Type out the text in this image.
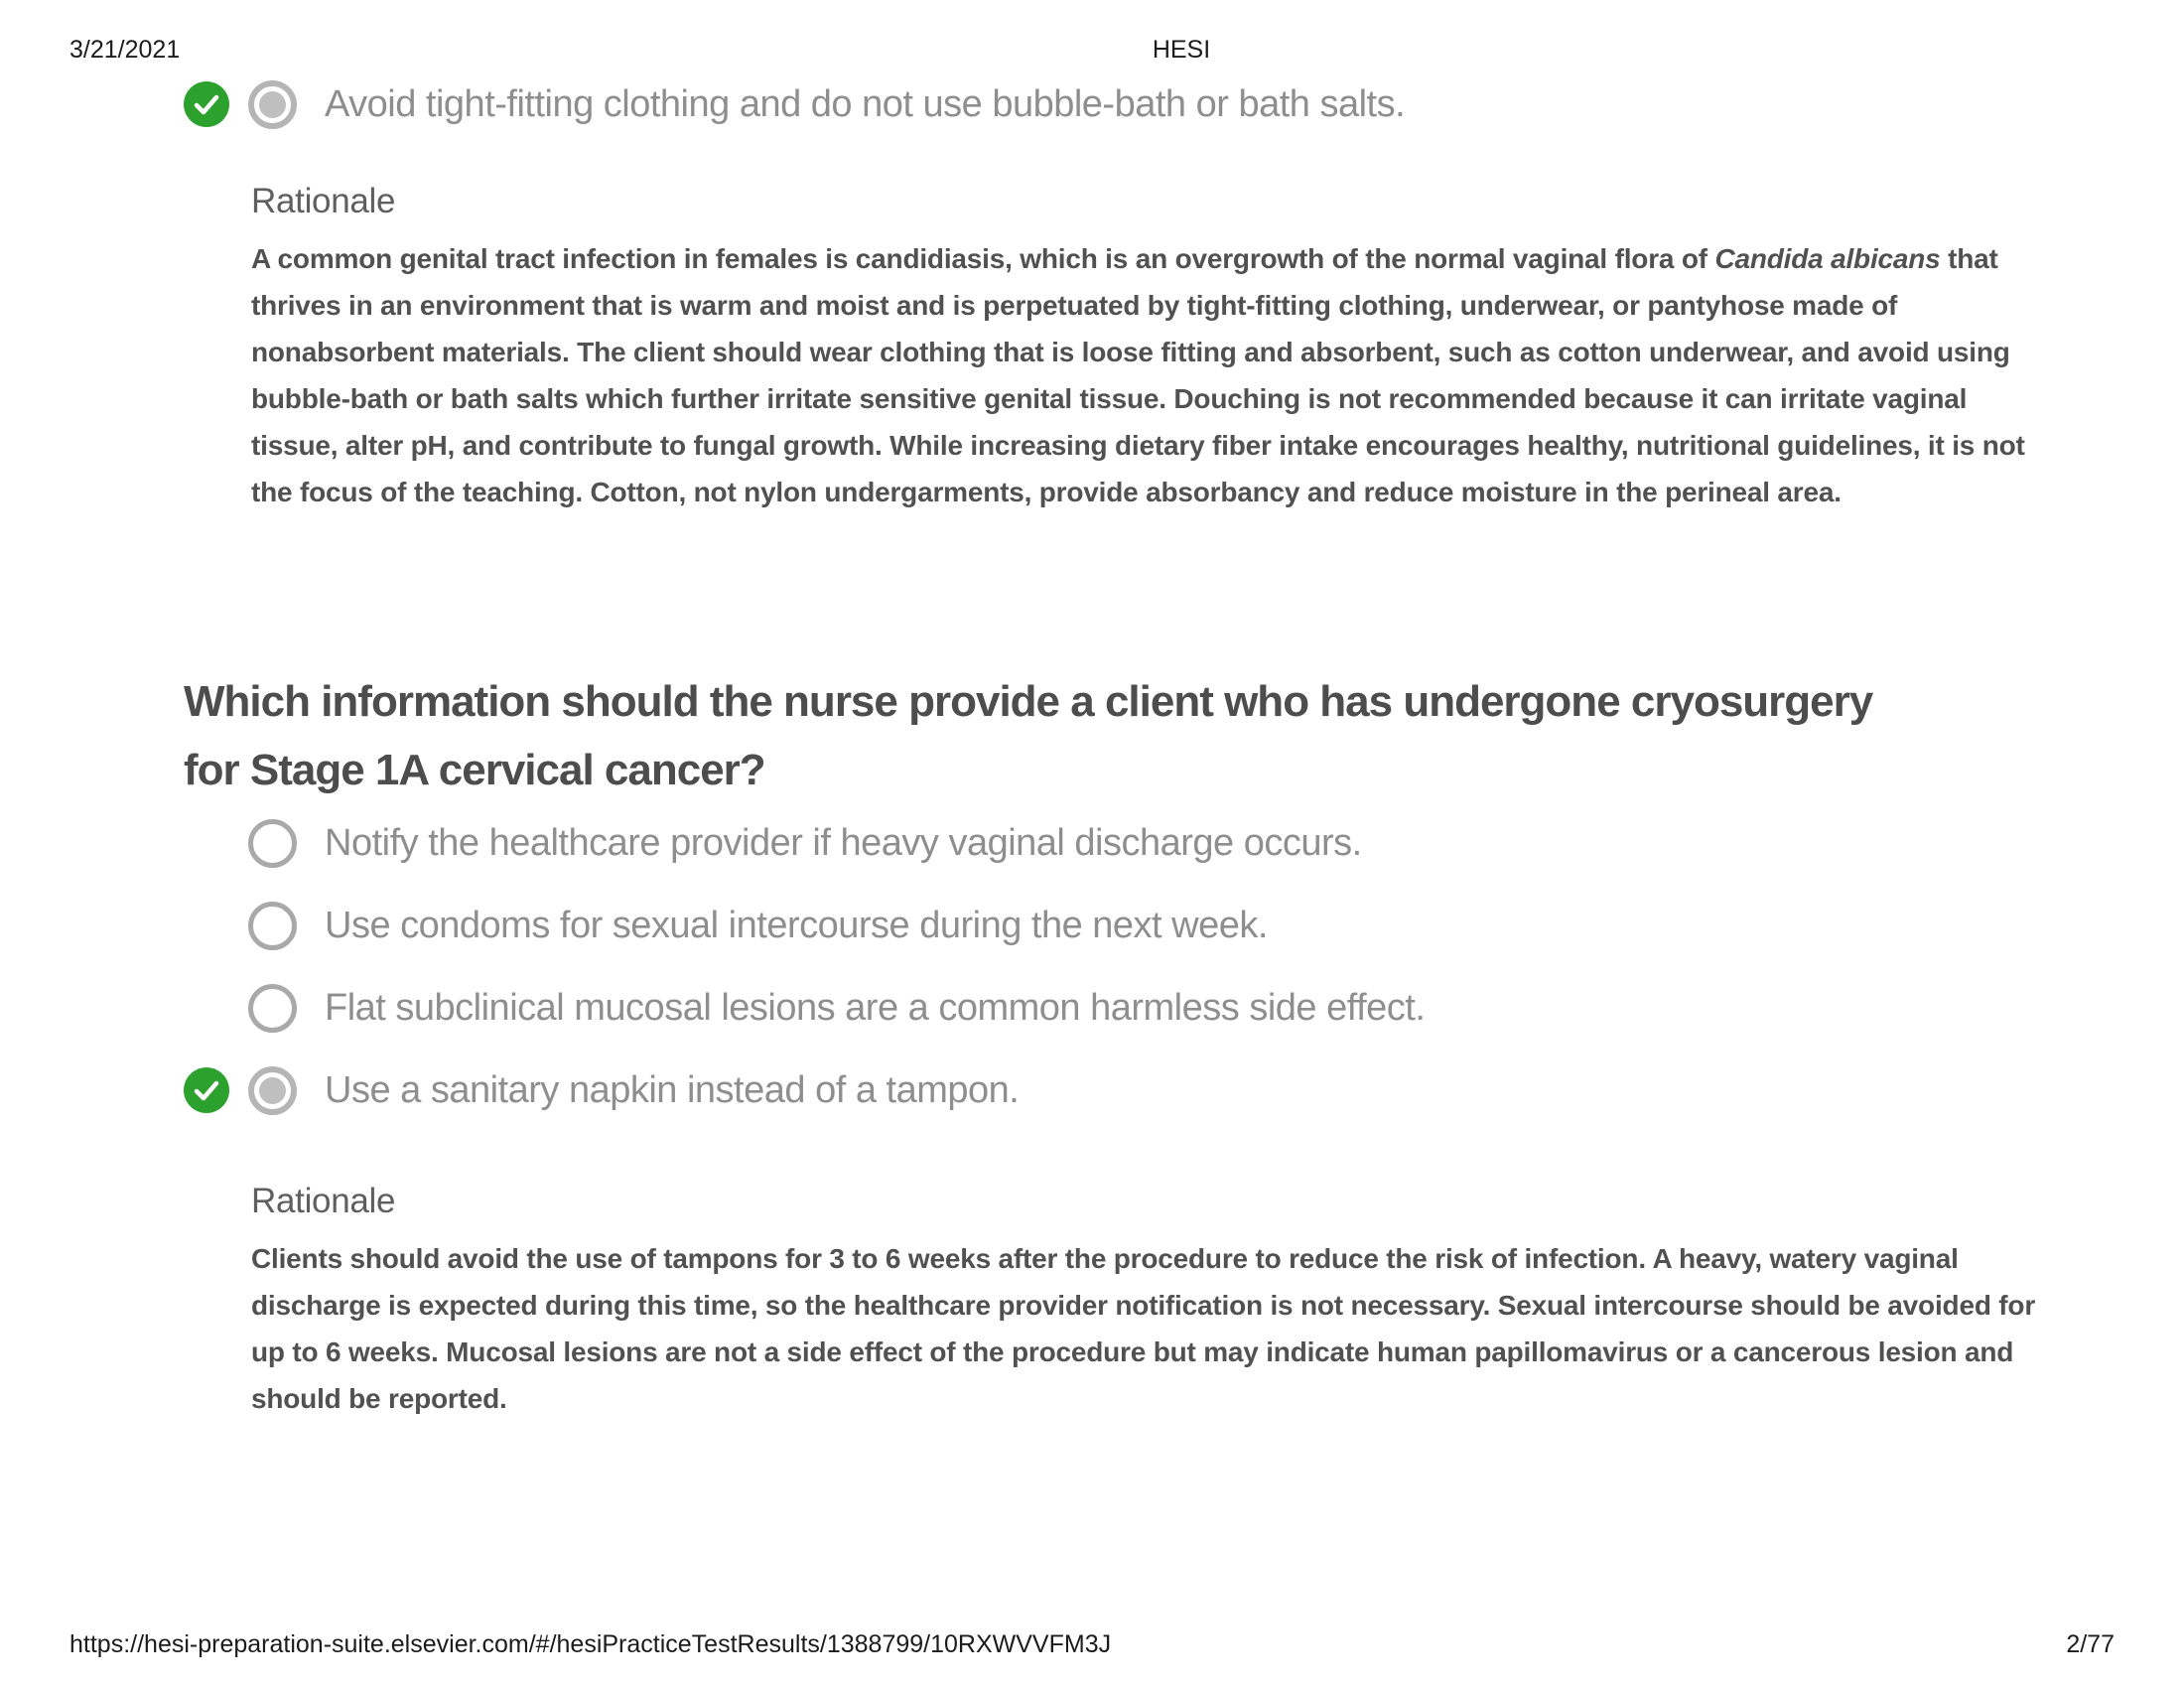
3/21/2021	HESI
Avoid tight-fitting clothing and do not use bubble-bath or bath salts.
Rationale
A common genital tract infection in females is candidiasis, which is an overgrowth of the normal vaginal flora of Candida albicans that thrives in an environment that is warm and moist and is perpetuated by tight-fitting clothing, underwear, or pantyhose made of nonabsorbent materials. The client should wear clothing that is loose fitting and absorbent, such as cotton underwear, and avoid using bubble-bath or bath salts which further irritate sensitive genital tissue. Douching is not recommended because it can irritate vaginal tissue, alter pH, and contribute to fungal growth. While increasing dietary fiber intake encourages healthy, nutritional guidelines, it is not the focus of the teaching. Cotton, not nylon undergarments, provide absorbancy and reduce moisture in the perineal area.
Which information should the nurse provide a client who has undergone cryosurgery
for Stage 1A cervical cancer?
Notify the healthcare provider if heavy vaginal discharge occurs.
Use condoms for sexual intercourse during the next week.
Flat subclinical mucosal lesions are a common harmless side effect.
Use a sanitary napkin instead of a tampon.
Rationale
Clients should avoid the use of tampons for 3 to 6 weeks after the procedure to reduce the risk of infection. A heavy, watery vaginal discharge is expected during this time, so the healthcare provider notification is not necessary. Sexual intercourse should be avoided for up to 6 weeks. Mucosal lesions are not a side effect of the procedure but may indicate human papillomavirus or a cancerous lesion and should be reported.
https://hesi-preparation-suite.elsevier.com/#/hesiPracticeTestResults/1388799/10RXWVVFM3J	2/77
